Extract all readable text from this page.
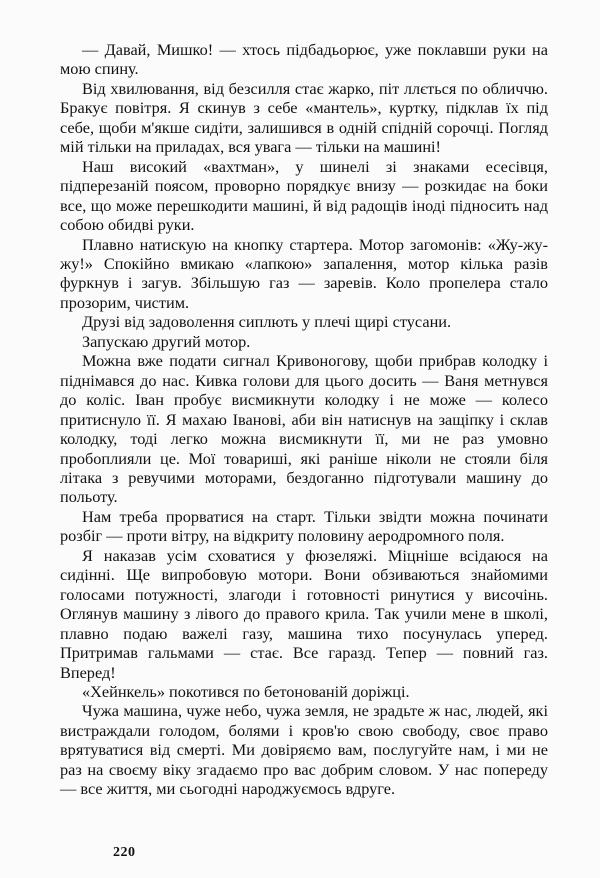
— Давай, Мишко! — хтось підбадьорює, уже поклавши руки на мою спину.

Від хвилювання, від безсилля стає жарко, піт ллється по обличчю. Бракує повітря. Я скинув з себе «мантель», куртку, підклав їх під себе, щоби м'якше сидіти, залишився в одній спідній сорочці. Погляд мій тільки на приладах, вся увага — тільки на машині!

Наш високий «вахтман», у шинелі зі знаками есесівця, підперезаній поясом, проворно порядкує внизу — розкидає на боки все, що може перешкодити машині, й від радощів іноді підносить над собою обидві руки.

Плавно натискую на кнопку стартера. Мотор загомонів: «Жу-жу-жу!» Спокійно вмикаю «лапкою» запалення, мотор кілька разів фуркнув і загув. Збільшую газ — заревів. Коло пропелера стало прозорим, чистим.

Друзі від задоволення сиплють у плечі щирі стусани.

Запускаю другий мотор.

Можна вже подати сигнал Кривоногову, щоби прибрав колодку і піднімався до нас. Кивка голови для цього досить — Ваня метнувся до коліс. Іван пробує висмикнути колодку і не може — колесо притиснуло її. Я махаю Іванові, аби він натиснув на защіпку і склав колодку, тоді легко можна висмикнути її, ми не раз умовно пробоплияли це. Мої товариші, які раніше ніколи не стояли біля літака з ревучими моторами, бездоганно підготували машину до польоту.

Нам треба прорватися на старт. Тільки звідти можна починати розбіг — проти вітру, на відкриту половину аеродромного поля.

Я наказав усім сховатися у фюзеляжі. Міцніше всідаюся на сидінні. Ще випробовую мотори. Вони обзиваються знайомими голосами потужності, злагоди і готовності ринутися у височінь. Оглянув машину з лівого до правого крила. Так учили мене в школі, плавно подаю важелі газу, машина тихо посунулась уперед. Притримав гальмами — стає. Все гаразд. Тепер — повний газ. Вперед!

«Хейнкель» покотився по бетонованій доріжці.

Чужа машина, чуже небо, чужа земля, не зрадьте ж нас, людей, які вистраждали голодом, болями і кров'ю свою свободу, своє право врятуватися від смерті. Ми довіряємо вам, послугуйте нам, і ми не раз на своєму віку згадаємо про вас добрим словом. У нас попереду — все життя, ми сьогодні народжуємось вдруге.

220
